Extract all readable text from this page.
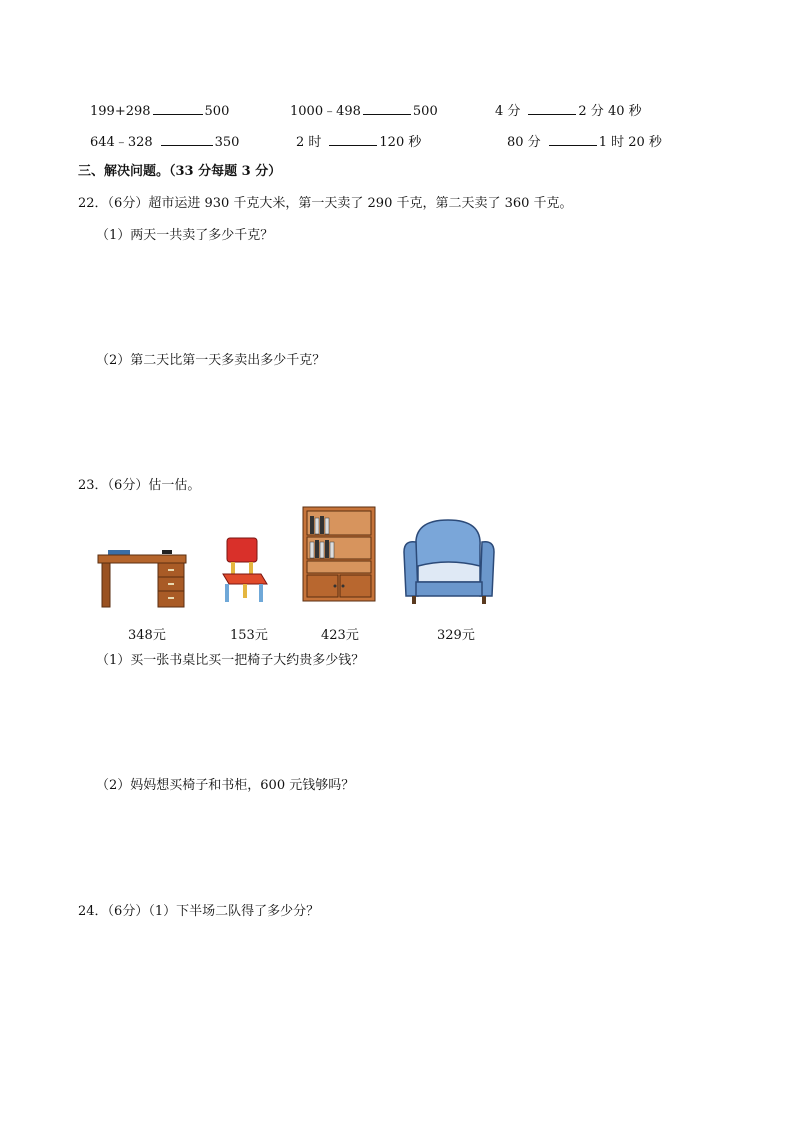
199+298	500	1000﹣498	500	4 分	2 分 40 秒
644﹣328	350	2 时	120 秒	80 分	1 时 20 秒
三、解决问题。（33 分每题 3 分）
22．（6分）超市运进 930 千克大米，第一天卖了 290 千克，第二天卖了 360 千克。
（1）两天一共卖了多少千克？
（2）第二天比第一天多卖出多少千克？
23．（6分）估一估。
348元	153元	423元	329元
（1）买一张书桌比买一把椅子大约贵多少钱？
（2）妈妈想买椅子和书柜，600 元钱够吗？
24．（6分）（1）下半场二队得了多少分？
